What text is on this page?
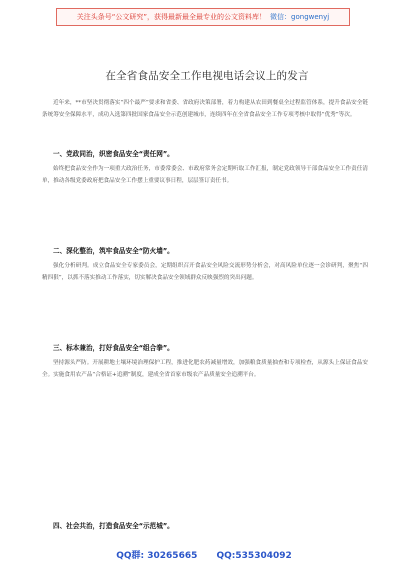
关注头条号“公文研究”，获得最新最全最专业的公文资料库！ 微信：gongwenyj
在全省食品安全工作电视电话会议上的发言
近年来，**市坚决贯彻落实“四个最严”要求和省委、省政府决策部署，着力构建从农田到餐桌全过程监管体系，提升食品安全链条统筹安全保障水平，成功入选第四批国家食品安全示范创建城市，连续四年在全省食品安全工作专项考核中取得“优秀”等次。
一、党政同治，织密食品安全“责任网”。
始终把食品安全作为一项重大政治任务，市委常委会、市政府常务会定期听取工作汇报，制定党政领导干部食品安全工作责任清单，推动各级党委政府把食品安全工作摆上重要议事日程，层层签订责任书。
二、深化整治，筑牢食品安全“防火墙”。
强化分析研判。成立食品安全专家委员会，定期组织召开食品安全风险交流形势分析会，对高风险单位逐一会诊研判，聚焦“四精四狠”，以抓不落实推动工作落实，切实解决食品安全领域群众反映强烈的突出问题。
三、标本兼治，打好食品安全“组合拳”。
坚持源头严防。开展耕地土壤环境治理保护工程，推进化肥农药减量增效，加强粮食质量抽查和专项检查，从源头上保证食品安全。实施食用农产品“合格证+追溯”制度，建成全省首家市级农产品质量安全追溯平台。
四、社会共治，打造食品安全“示范城”。
QQ群: 30265665 QQ:535304092
